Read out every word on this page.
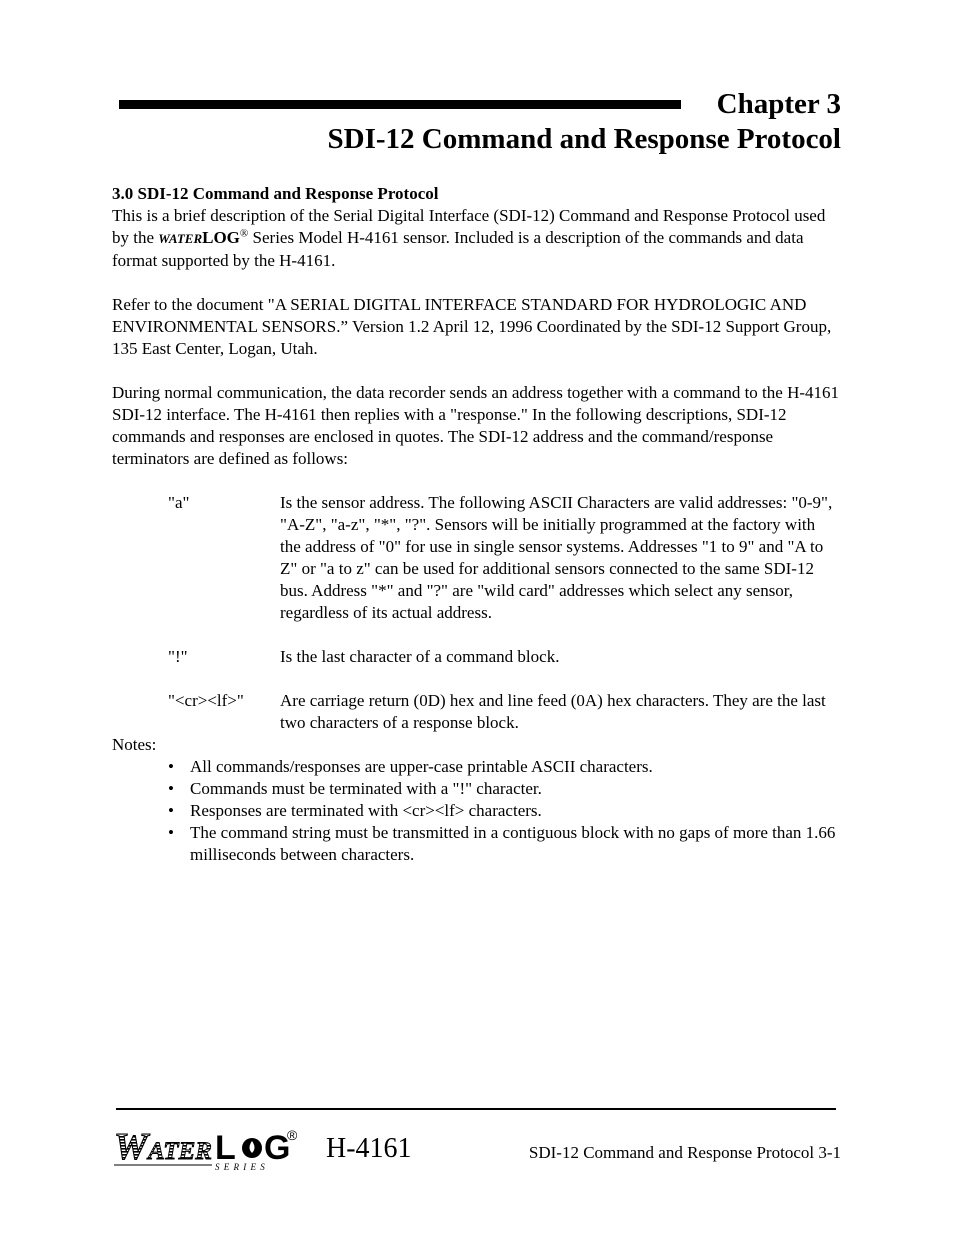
Chapter 3
SDI-12 Command and Response Protocol

3.0 SDI-12 Command and Response Protocol

This is a brief description of the Serial Digital Interface (SDI-12) Command and Response Protocol used by the WATERLOG® Series Model H-4161 sensor. Included is a description of the commands and data format supported by the H-4161.

Refer to the document "A SERIAL DIGITAL INTERFACE STANDARD FOR HYDROLOGIC AND ENVIRONMENTAL SENSORS.” Version 1.2 April 12, 1996 Coordinated by the SDI-12 Support Group, 135 East Center, Logan, Utah.

During normal communication, the data recorder sends an address together with a command to the H-4161 SDI-12 interface. The H-4161 then replies with a "response." In the following descriptions, SDI-12 commands and responses are enclosed in quotes. The SDI-12 address and the command/response terminators are defined as follows:

"a"	Is the sensor address. The following ASCII Characters are valid addresses: "0-9", "A-Z", "a-z", "*", "?". Sensors will be initially programmed at the factory with the address of "0" for use in single sensor systems. Addresses "1 to 9" and "A to Z" or "a to z" can be used for additional sensors connected to the same SDI-12 bus. Address "*" and "?" are "wild card" addresses which select any sensor, regardless of its actual address.
"!"	Is the last character of a command block.
"<cr><lf>"	Are carriage return (0D) hex and line feed (0A) hex characters. They are the last two characters of a response block.

Notes:

• All commands/responses are upper-case printable ASCII characters.
• Commands must be terminated with a "!" character.
• Responses are terminated with <cr><lf> characters.
• The command string must be transmitted in a contiguous block with no gaps of more than 1.66 milliseconds between characters.
W ATER L G
®
S E R I E S
H-4161	SDI-12 Command and Response Protocol 3-1
